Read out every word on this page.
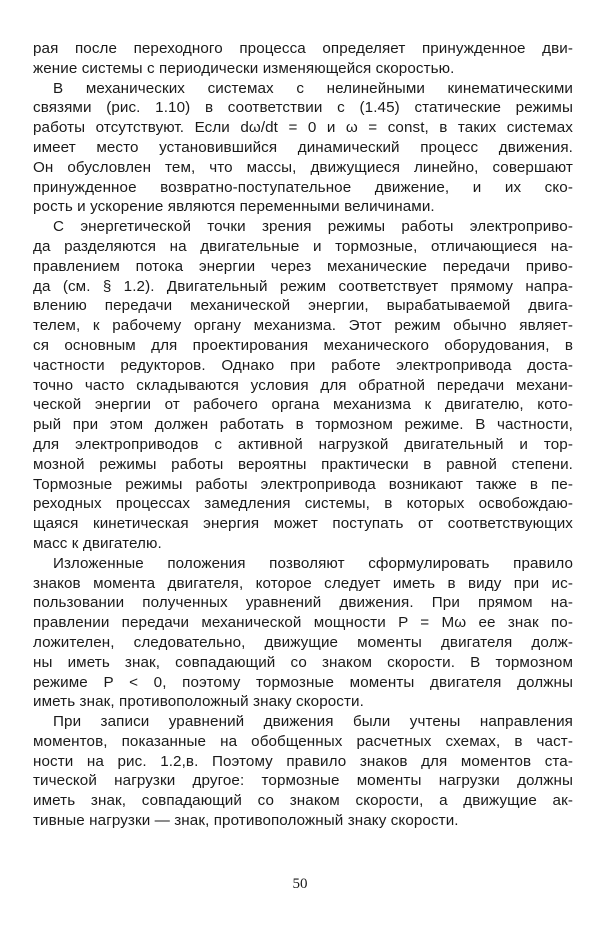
рая после переходного процесса определяет принужденное дви-
жение системы с периодически изменяющейся скоростью.
В механических системах с нелинейными кинематическими
связями (рис. 1.10) в соответствии с (1.45) статические режимы
работы отсутствуют. Если dω/dt = 0 и ω = const, в таких системах
имеет место установившийся динамический процесс движения.
Он обусловлен тем, что массы, движущиеся линейно, совершают
принужденное возвратно-поступательное движение, и их ско-
рость и ускорение являются переменными величинами.
С энергетической точки зрения режимы работы электроприво-
да разделяются на двигательные и тормозные, отличающиеся на-
правлением потока энергии через механические передачи приво-
да (см. § 1.2). Двигательный режим соответствует прямому напра-
влению передачи механической энергии, вырабатываемой двига-
телем, к рабочему органу механизма. Этот режим обычно являет-
ся основным для проектирования механического оборудования, в
частности редукторов. Однако при работе электропривода доста-
точно часто складываются условия для обратной передачи механи-
ческой энергии от рабочего органа механизма к двигателю, кото-
рый при этом должен работать в тормозном режиме. В частности,
для электроприводов с активной нагрузкой двигательный и тор-
мозной режимы работы вероятны практически в равной степени.
Тормозные режимы работы электропривода возникают также в пе-
реходных процессах замедления системы, в которых освобождаю-
щаяся кинетическая энергия может поступать от соответствующих
масс к двигателю.
Изложенные положения позволяют сформулировать правило
знаков момента двигателя, которое следует иметь в виду при ис-
пользовании полученных уравнений движения. При прямом на-
правлении передачи механической мощности P = Mω ее знак по-
ложителен, следовательно, движущие моменты двигателя долж-
ны иметь знак, совпадающий со знаком скорости. В тормозном
режиме P < 0, поэтому тормозные моменты двигателя должны
иметь знак, противоположный знаку скорости.
При записи уравнений движения были учтены направления
моментов, показанные на обобщенных расчетных схемах, в част-
ности на рис. 1.2,в. Поэтому правило знаков для моментов ста-
тической нагрузки другое: тормозные моменты нагрузки должны
иметь знак, совпадающий со знаком скорости, а движущие ак-
тивные нагрузки — знак, противоположный знаку скорости.
50
